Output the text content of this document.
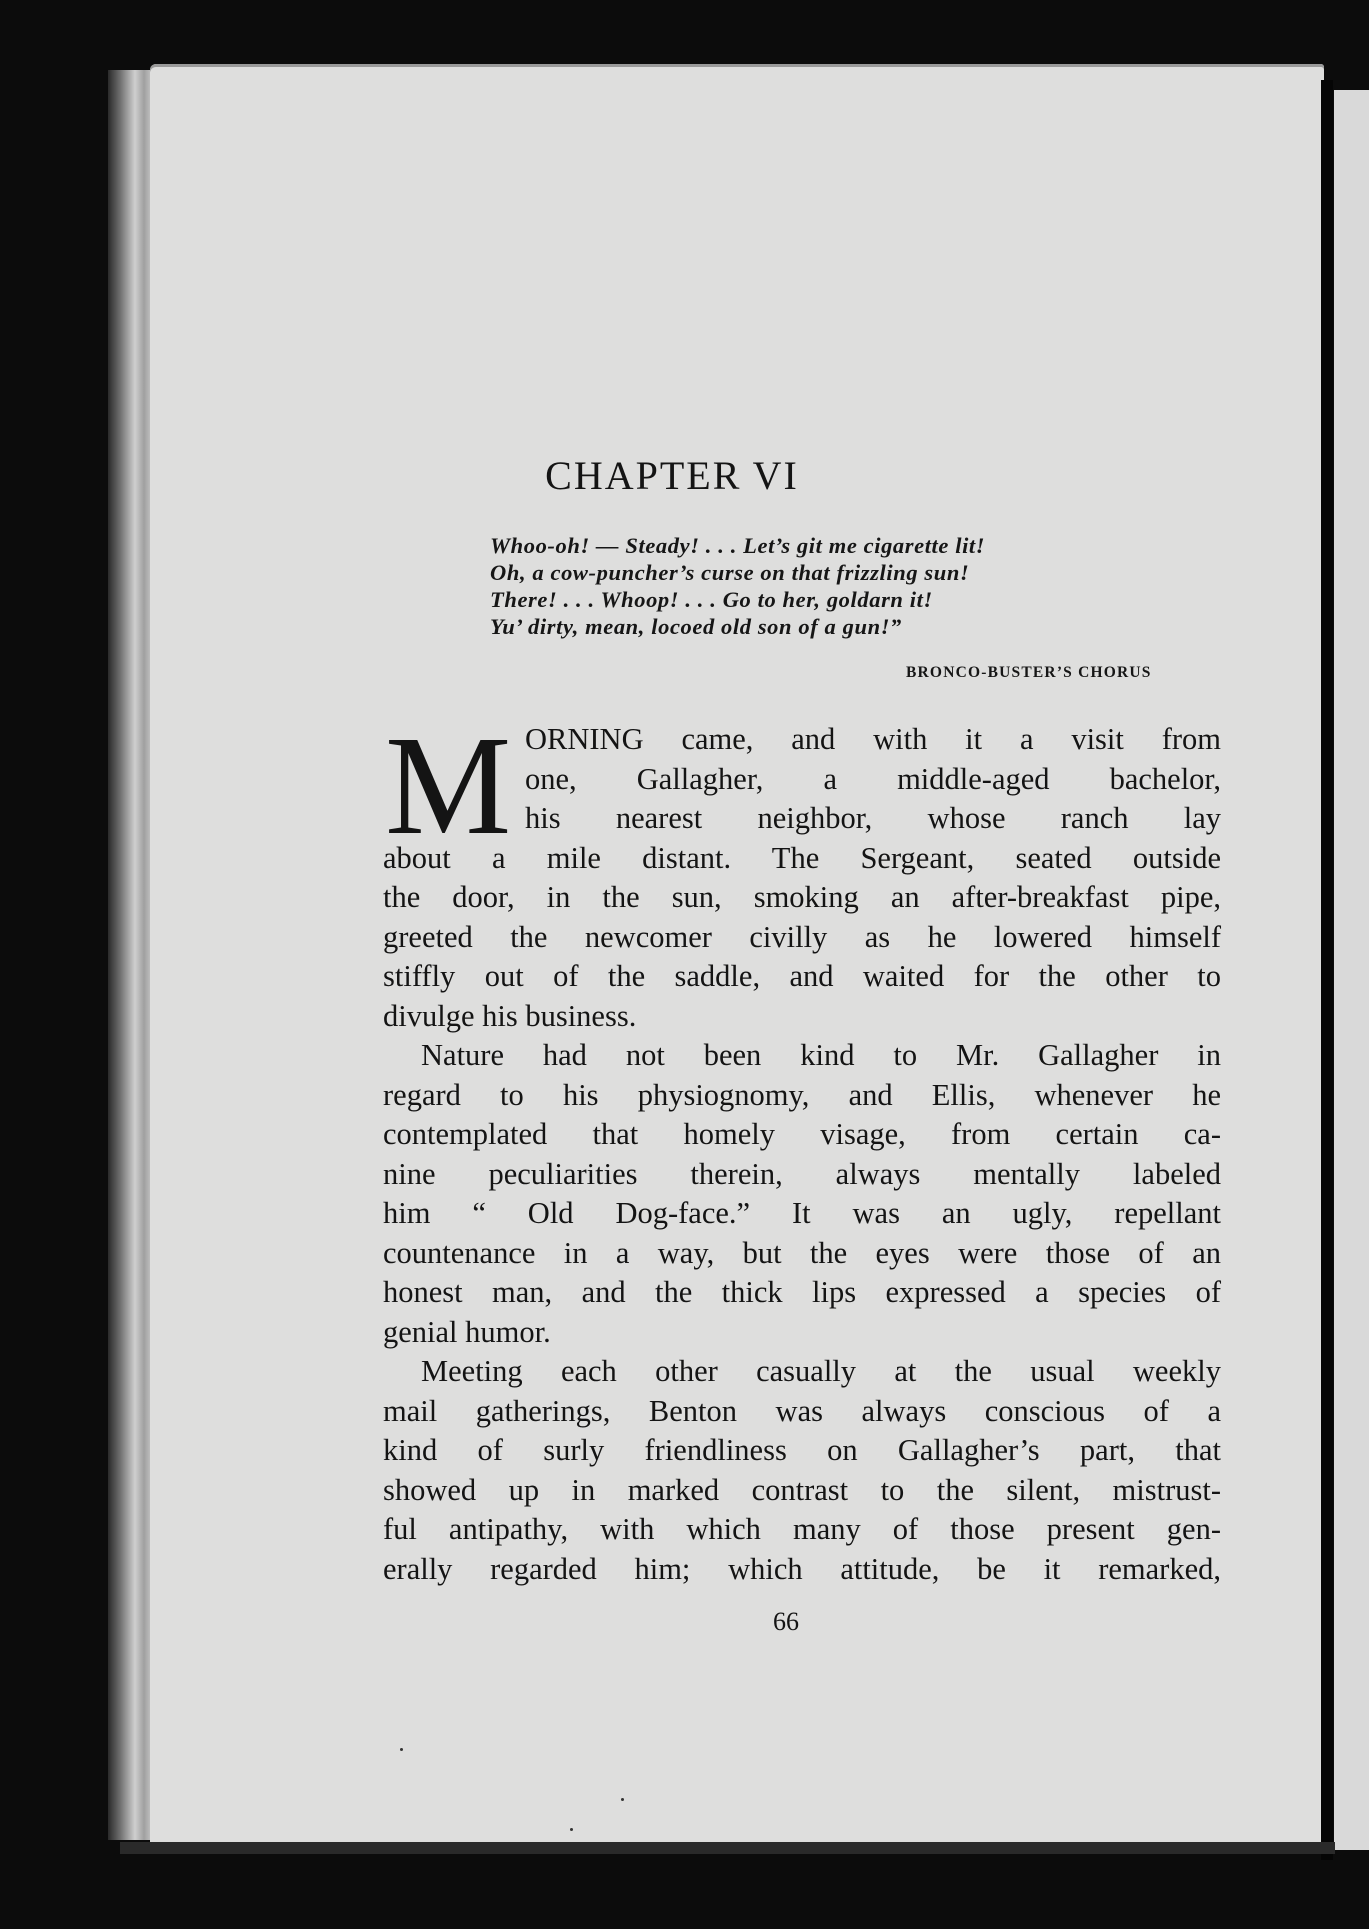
CHAPTER VI
Whoo-oh! — Steady! . . . Let’s git me cigarette lit!
Oh, a cow-puncher’s curse on that frizzling sun!
There! . . . Whoop! . . . Go to her, goldarn it!
Yu’ dirty, mean, locoed old son of a gun!”
BRONCO-BUSTER’S CHORUS
M ORNING came, and with it a visit from
one, Gallagher, a middle-aged bachelor,
his nearest neighbor, whose ranch lay
about a mile distant. The Sergeant, seated outside
the door, in the sun, smoking an after-breakfast pipe,
greeted the newcomer civilly as he lowered himself
stiffly out of the saddle, and waited for the other to
divulge his business.
Nature had not been kind to Mr. Gallagher in
regard to his physiognomy, and Ellis, whenever he
contemplated that homely visage, from certain ca-
nine peculiarities therein, always mentally labeled
him “ Old Dog-face.” It was an ugly, repellant
countenance in a way, but the eyes were those of an
honest man, and the thick lips expressed a species of
genial humor.
Meeting each other casually at the usual weekly
mail gatherings, Benton was always conscious of a
kind of surly friendliness on Gallagher’s part, that
showed up in marked contrast to the silent, mistrust-
ful antipathy, with which many of those present gen-
erally regarded him; which attitude, be it remarked,
66
